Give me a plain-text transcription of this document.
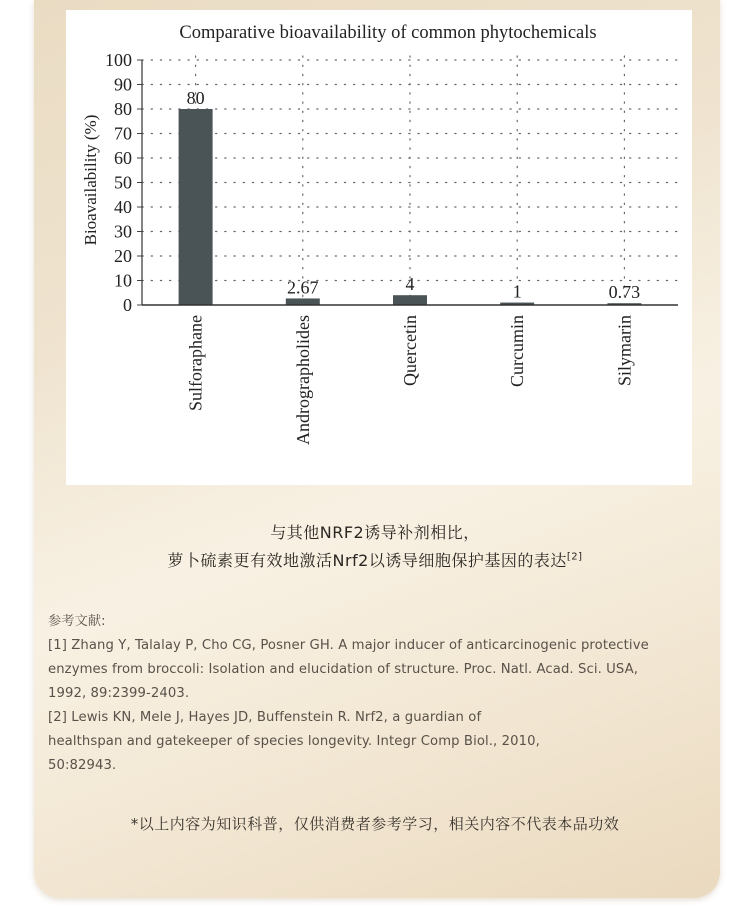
80
2.67	4	1	0.73
0
10
20
30
40
50
60
70
80
90
100
Sulforaphane	Andrographolides	Quercetin	Curcumin	Silymarin
Comparative bioavailability of common phytochemicals
Bioavailability (%)
与其他NRF2诱导补剂相比，
萝卜硫素更有效地激活Nrf2以诱导细胞保护基因的表达[2]
参考文献:
[1] Zhang Y, Talalay P, Cho CG, Posner GH. A major inducer of anticarcinogenic protective
enzymes from broccoli: Isolation and elucidation of structure. Proc. Natl. Acad. Sci. USA,
1992, 89:2399-2403.
[2] Lewis KN, Mele J, Hayes JD, Buffenstein R. Nrf2, a guardian of
healthspan and gatekeeper of species longevity. Integr Comp Biol., 2010,
50:82943.
*以上内容为知识科普，仅供消费者参考学习，相关内容不代表本品功效
